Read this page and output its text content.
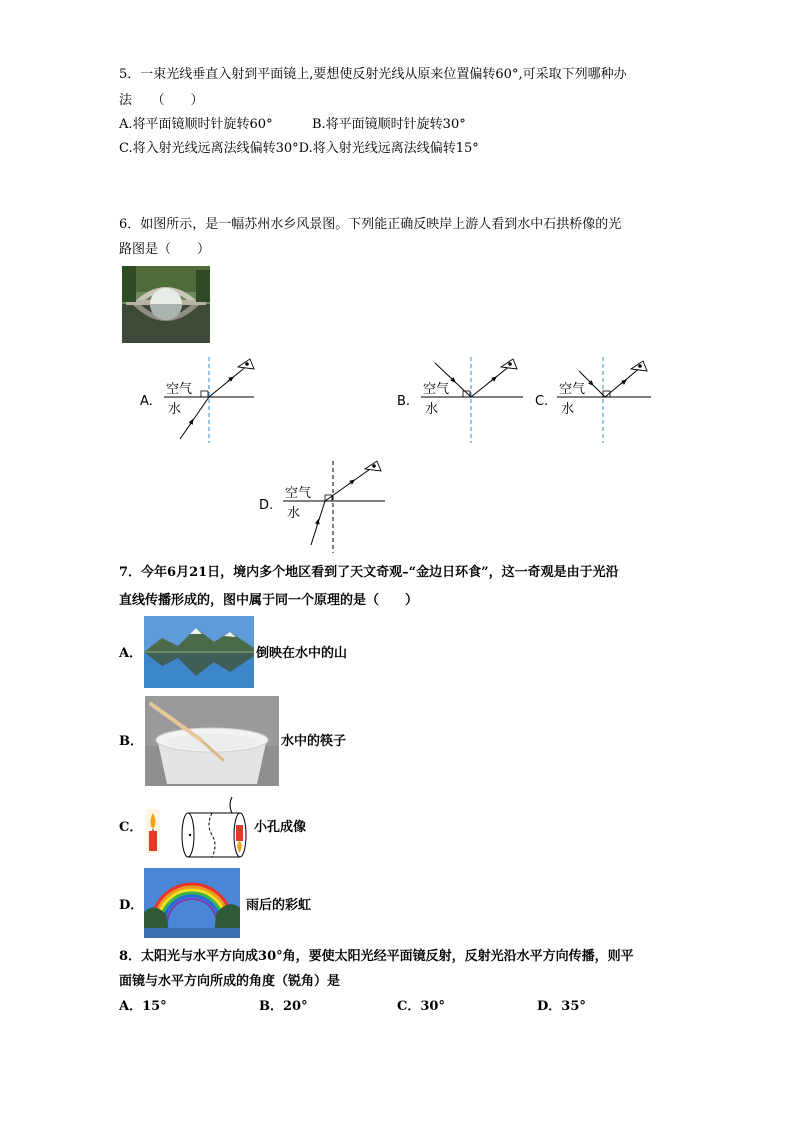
5．一束光线垂直入射到平面镜上,要想使反射光线从原来位置偏转60°,可采取下列哪种办
法　　（　　）
A.将平面镜顺时针旋转60°	B.将平面镜顺时针旋转30°
C.将入射光线远离法线偏转30°D.将入射光线远离法线偏转15°
6．如图所示，是一幅苏州水乡风景图。下列能正确反映岸上游人看到水中石拱桥像的光
路图是（　　）
A.
空气
水
B.
空气
水
C.
空气
水
D.
空气
水
7．今年6月21日，境内多个地区看到了天文奇观–“金边日环食”，这一奇观是由于光沿
直线传播形成的，图中属于同一个原理的是（　　）
A．	倒映在水中的山
B．	水中的筷子
C．	小孔成像
D．	雨后的彩虹
8．太阳光与水平方向成30°角，要使太阳光经平面镜反射，反射光沿水平方向传播，则平
面镜与水平方向所成的角度（锐角）是
A．15°	B．20°	C．30°	D．35°
